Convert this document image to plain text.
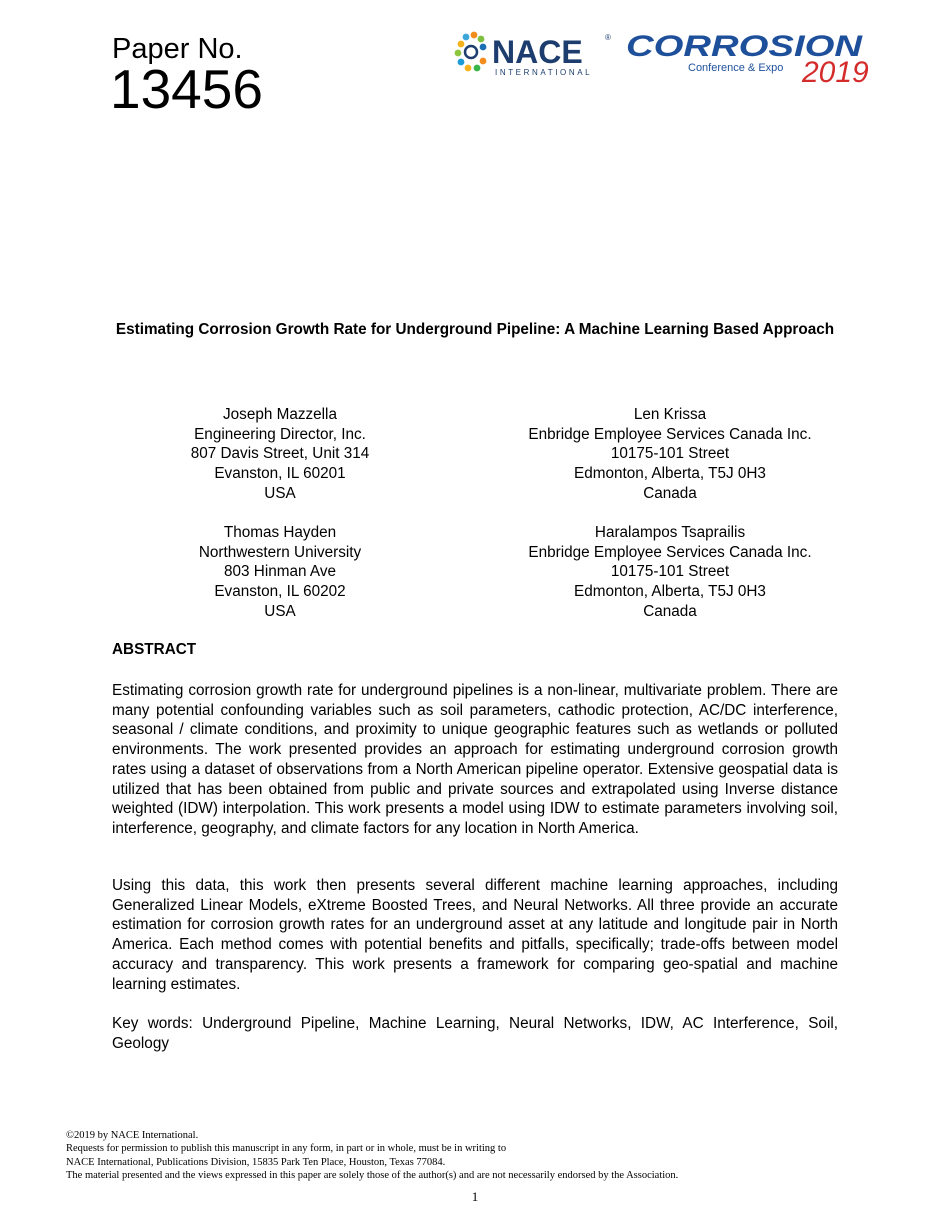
Paper No.
13456
NACE	®
INTERNATIONAL
CORROSION
Conference & Expo 2019
Estimating Corrosion Growth Rate for Underground Pipeline: A Machine Learning Based Approach
Joseph Mazzella
Engineering Director, Inc.
807 Davis Street, Unit 314
Evanston, IL 60201
USA
Len Krissa
Enbridge Employee Services Canada Inc.
10175-101 Street
Edmonton, Alberta, T5J 0H3
Canada
Thomas Hayden
Northwestern University
803 Hinman Ave
Evanston, IL 60202
USA
Haralampos Tsaprailis
Enbridge Employee Services Canada Inc.
10175-101 Street
Edmonton, Alberta, T5J 0H3
Canada
ABSTRACT
Estimating corrosion growth rate for underground pipelines is a non-linear, multivariate problem. There are many potential confounding variables such as soil parameters, cathodic protection, AC/DC interference, seasonal / climate conditions, and proximity to unique geographic features such as wetlands or polluted environments. The work presented provides an approach for estimating underground corrosion growth rates using a dataset of observations from a North American pipeline operator. Extensive geospatial data is utilized that has been obtained from public and private sources and extrapolated using Inverse distance weighted (IDW) interpolation. This work presents a model using IDW to estimate parameters involving soil, interference, geography, and climate factors for any location in North America.
Using this data, this work then presents several different machine learning approaches, including Generalized Linear Models, eXtreme Boosted Trees, and Neural Networks. All three provide an accurate estimation for corrosion growth rates for an underground asset at any latitude and longitude pair in North America. Each method comes with potential benefits and pitfalls, specifically; trade-offs between model accuracy and transparency. This work presents a framework for comparing geo-spatial and machine learning estimates.
Key words: Underground Pipeline, Machine Learning, Neural Networks, IDW, AC Interference, Soil, Geology
©2019 by NACE International.
Requests for permission to publish this manuscript in any form, in part or in whole, must be in writing to
NACE International, Publications Division, 15835 Park Ten Place, Houston, Texas 77084.
The material presented and the views expressed in this paper are solely those of the author(s) and are not necessarily endorsed by the Association.
1
